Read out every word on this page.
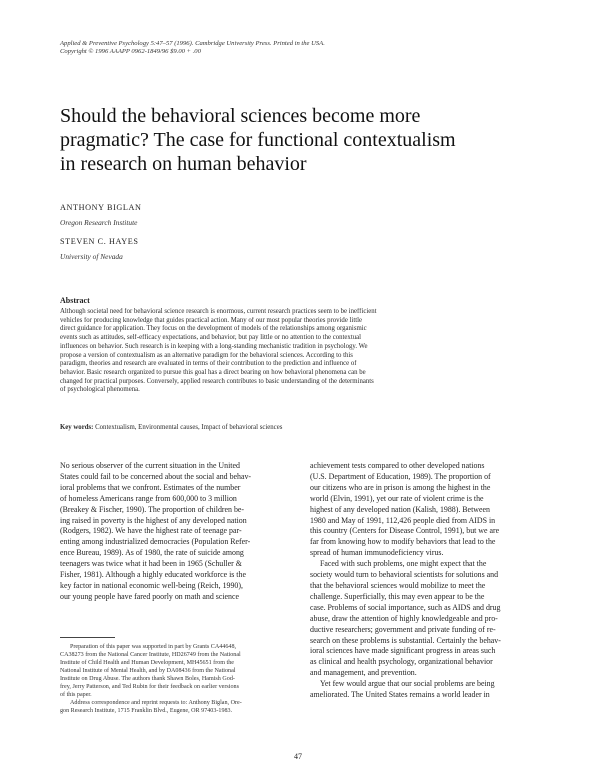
Applied & Preventive Psychology 5:47–57 (1996). Cambridge University Press. Printed in the USA.
Copyright © 1996 AAAPP 0962-1849/96 $9.00 + .00
Should the behavioral sciences become more
pragmatic? The case for functional contextualism
in research on human behavior
ANTHONY BIGLAN
Oregon Research Institute
STEVEN C. HAYES
University of Nevada
Abstract
Although societal need for behavioral science research is enormous, current research practices seem to be inefficient
vehicles for producing knowledge that guides practical action. Many of our most popular theories provide little
direct guidance for application. They focus on the development of models of the relationships among organismic
events such as attitudes, self-efficacy expectations, and behavior, but pay little or no attention to the contextual
influences on behavior. Such research is in keeping with a long-standing mechanistic tradition in psychology. We
propose a version of contextualism as an alternative paradigm for the behavioral sciences. According to this
paradigm, theories and research are evaluated in terms of their contribution to the prediction and influence of
behavior. Basic research organized to pursue this goal has a direct bearing on how behavioral phenomena can be
changed for practical purposes. Conversely, applied research contributes to basic understanding of the determinants
of psychological phenomena.
Key words: Contextualism, Environmental causes, Impact of behavioral sciences
No serious observer of the current situation in the United
States could fail to be concerned about the social and behav-
ioral problems that we confront. Estimates of the number
of homeless Americans range from 600,000 to 3 million
(Breakey & Fischer, 1990). The proportion of children be-
ing raised in poverty is the highest of any developed nation
(Rodgers, 1982). We have the highest rate of teenage par-
enting among industrialized democracies (Population Refer-
ence Bureau, 1989). As of 1980, the rate of suicide among
teenagers was twice what it had been in 1965 (Schuller &
Fisher, 1981). Although a highly educated workforce is the
key factor in national economic well-being (Reich, 1990),
our young people have fared poorly on math and science
achievement tests compared to other developed nations
(U.S. Department of Education, 1989). The proportion of
our citizens who are in prison is among the highest in the
world (Elvin, 1991), yet our rate of violent crime is the
highest of any developed nation (Kalish, 1988). Between
1980 and May of 1991, 112,426 people died from AIDS in
this country (Centers for Disease Control, 1991), but we are
far from knowing how to modify behaviors that lead to the
spread of human immunodeficiency virus.
Faced with such problems, one might expect that the
society would turn to behavioral scientists for solutions and
that the behavioral sciences would mobilize to meet the
challenge. Superficially, this may even appear to be the
case. Problems of social importance, such as AIDS and drug
abuse, draw the attention of highly knowledgeable and pro-
ductive researchers; government and private funding of re-
search on these problems is substantial. Certainly the behav-
ioral sciences have made significant progress in areas such
as clinical and health psychology, organizational behavior
and management, and prevention.
Yet few would argue that our social problems are being
ameliorated. The United States remains a world leader in
Preparation of this paper was supported in part by Grants CA44648,
CA38273 from the National Cancer Institute, HD26749 from the National
Institute of Child Health and Human Development, MH45651 from the
National Institute of Mental Health, and by DA08436 from the National
Institute on Drug Abuse. The authors thank Shawn Boles, Hamish God-
frey, Jerry Patterson, and Ted Rubin for their feedback on earlier versions
of this paper.
Address correspondence and reprint requests to: Anthony Biglan, Ore-
gon Research Institute, 1715 Franklin Blvd., Eugene, OR 97403-1983.
47
